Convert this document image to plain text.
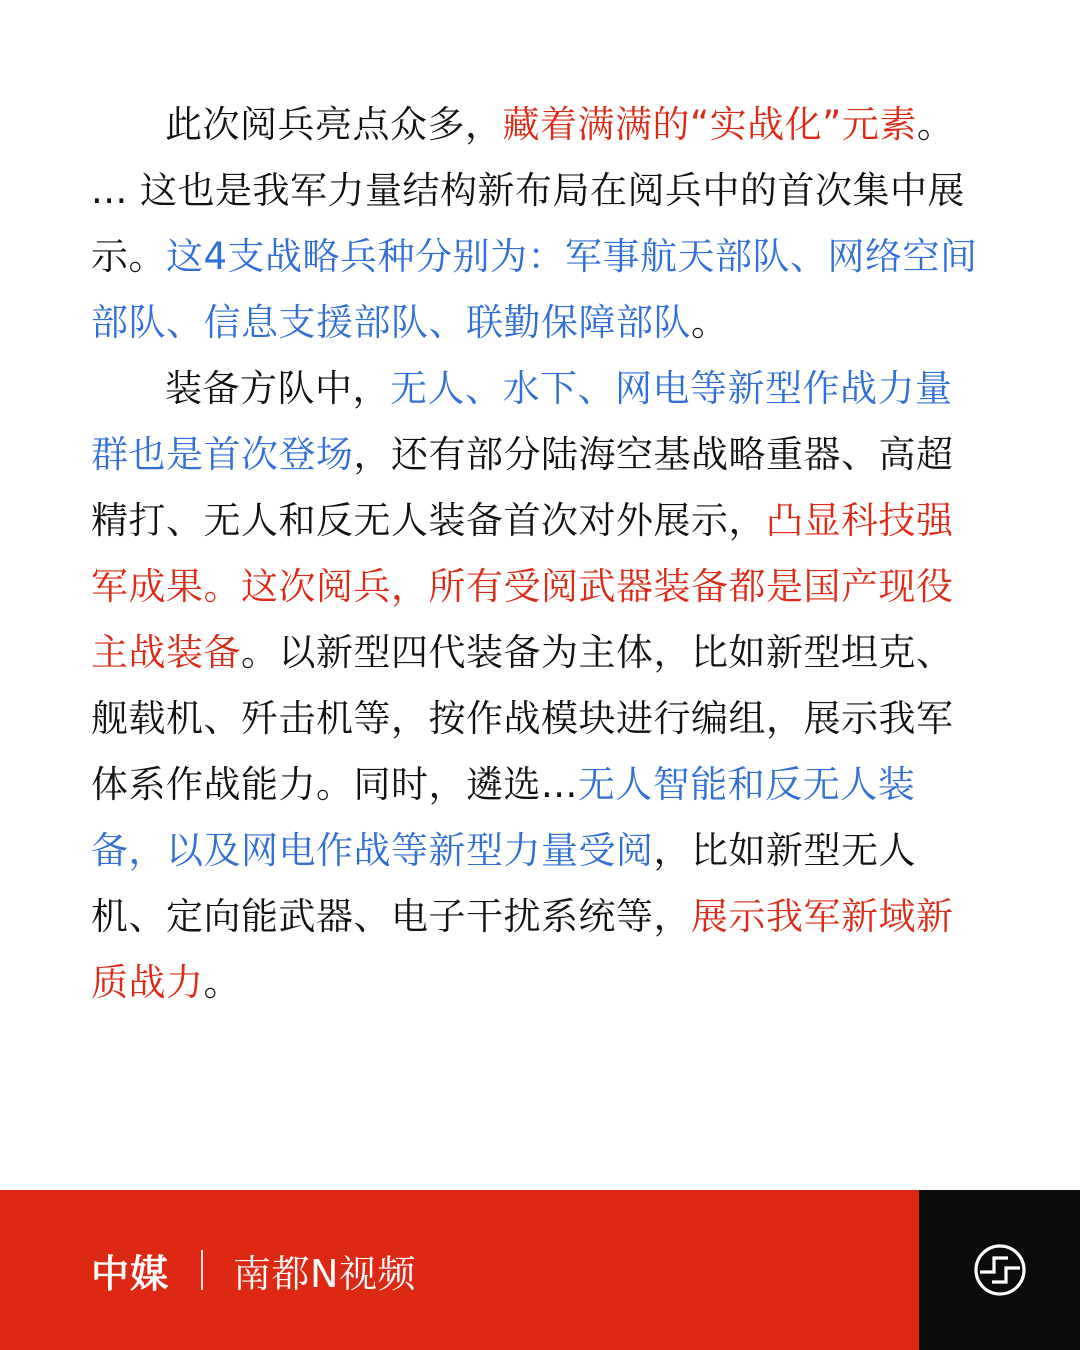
此次阅兵亮点众多，藏着满满的“实战化”元素。 ... 这也是我军力量结构新布局在阅兵中的首次集中展示。这4支战略兵种分别为：军事航天部队、网络空间部队、信息支援部队、联勤保障部队。

装备方队中，无人、水下、网电等新型作战力量群也是首次登场，还有部分陆海空基战略重器、高超精打、无人和反无人装备首次对外展示，凸显科技强军成果。这次阅兵，所有受阅武器装备都是国产现役主战装备。以新型四代装备为主体，比如新型坦克、舰载机、歼击机等，按作战模块进行编组，展示我军体系作战能力。同时，遴选...无人智能和反无人装备，以及网电作战等新型力量受阅，比如新型无人机、定向能武器、电子干扰系统等，展示我军新域新质战力。

中媒 南都N视频
